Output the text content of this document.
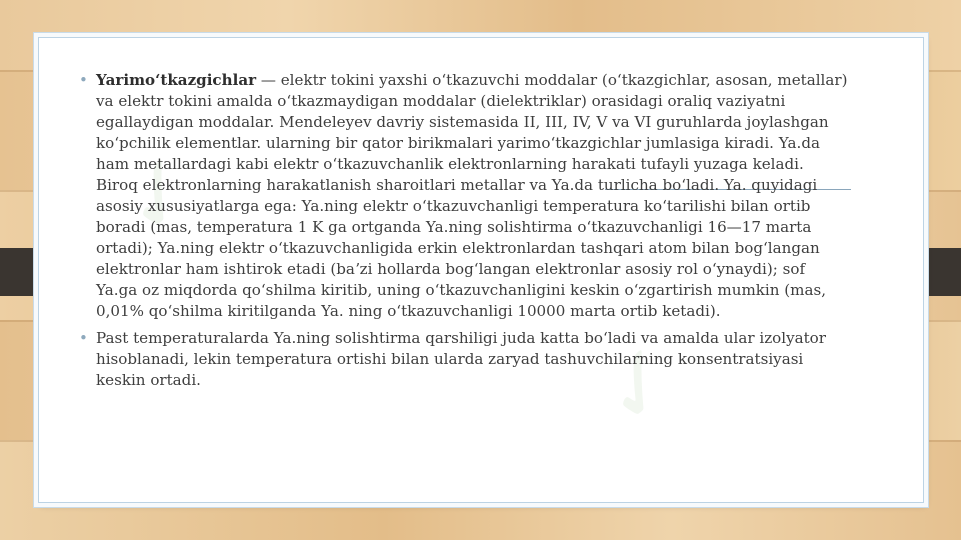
• Yarimoʻtkazgichlar — elektr tokini yaxshi oʻtkazuvchi moddalar (oʻtkazgichlar, asosan, metallar) va elektr tokini amalda oʻtkazmaydigan moddalar (dielektriklar) orasidagi oraliq vaziyatni egallaydigan moddalar. Mendeleyev davriy sistemasida II, III, IV, V va VI guruhlarda joylashgan koʻpchilik elementlar. ularning bir qator birikmalari yarimoʻtkazgichlar jumlasiga kiradi. Ya.da ham metallardagi kabi elektr oʻtkazuvchanlik elektronlarning harakati tufayli yuzaga keladi. Biroq elektronlarning harakatlanish sharoitlari metallar va Ya.da turlicha boʻladi. Ya. quyidagi asosiy xususiyatlarga ega: Ya.ning elektr oʻtkazuvchanligi temperatura koʻtarilishi bilan ortib boradi (mas, temperatura 1 K ga ortganda Ya.ning solishtirma oʻtkazuvchanligi 16—17 marta ortadi); Ya.ning elektr oʻtkazuvchanligida erkin elektronlardan tashqari atom bilan bogʻlangan elektronlar ham ishtirok etadi (baʼzi hollarda bogʻlangan elektronlar asosiy rol oʻynaydi); sof Ya.ga oz miqdorda qoʻshilma kiritib, uning oʻtkazuvchanligini keskin oʻzgartirish mumkin (mas, 0,01% qoʻshilma kiritilganda Ya. ning oʻtkazuvchanligi 10000 marta ortib ketadi).
• Past temperaturalarda Ya.ning solishtirma qarshiligi juda katta boʻladi va amalda ular izolyator hisoblanadi, lekin temperatura ortishi bilan ularda zaryad tashuvchilarning konsentratsiyasi keskin ortadi.
